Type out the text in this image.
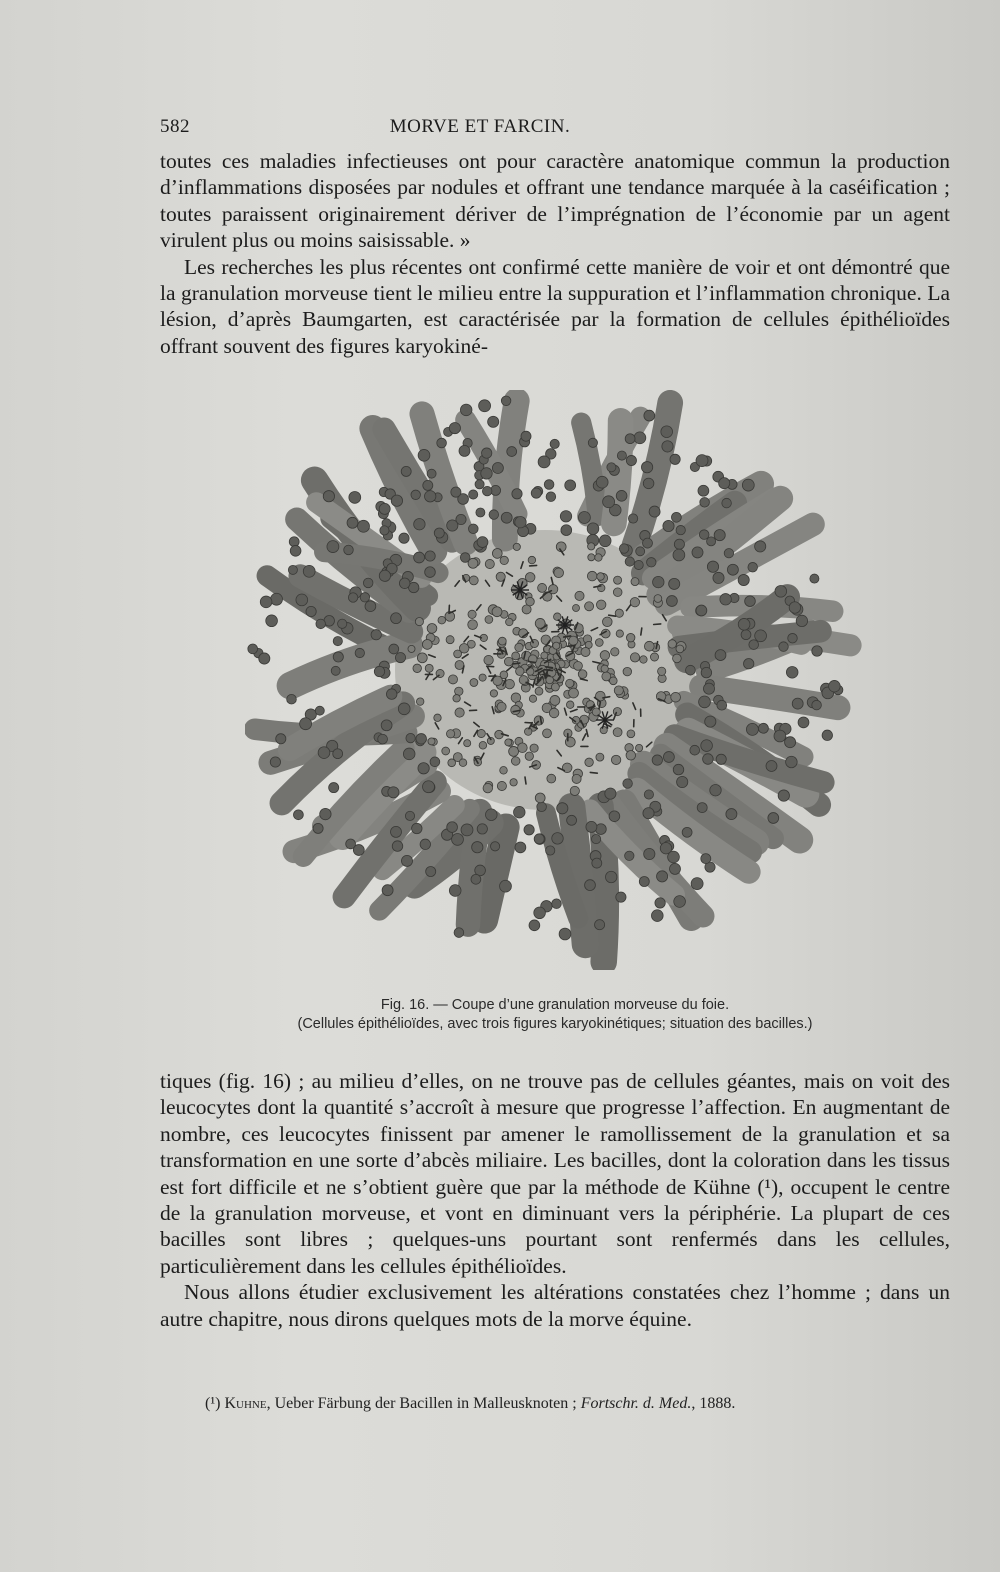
582	MORVE ET FARCIN.

toutes ces maladies infectieuses ont pour caractère anatomique commun la production d’inflammations disposées par nodules et offrant une tendance marquée à la caséification ; toutes paraissent originairement dériver de l’imprégnation de l’économie par un agent virulent plus ou moins saisissable. »

Les recherches les plus récentes ont confirmé cette manière de voir et ont démontré que la granulation morveuse tient le milieu entre la suppuration et l’inflammation chronique. La lésion, d’après Baumgarten, est caractérisée par la formation de cellules épithélioïdes offrant souvent des figures karyokiné-

Fig. 16. — Coupe d’une granulation morveuse du foie.
(Cellules épithélioïdes, avec trois figures karyokinétiques; situation des bacilles.)

tiques (fig. 16) ; au milieu d’elles, on ne trouve pas de cellules géantes, mais on voit des leucocytes dont la quantité s’accroît à mesure que progresse l’affection. En augmentant de nombre, ces leucocytes finissent par amener le ramollissement de la granulation et sa transformation en une sorte d’abcès miliaire. Les bacilles, dont la coloration dans les tissus est fort difficile et ne s’obtient guère que par la méthode de Kühne (¹), occupent le centre de la granulation morveuse, et vont en diminuant vers la périphérie. La plupart de ces bacilles sont libres ; quelques-uns pourtant sont renfermés dans les cellules, particulièrement dans les cellules épithélioïdes.

Nous allons étudier exclusivement les altérations constatées chez l’homme ; dans un autre chapitre, nous dirons quelques mots de la morve équine.

(¹) Kuhne, Ueber Färbung der Bacillen in Malleusknoten ; Fortschr. d. Med., 1888.
